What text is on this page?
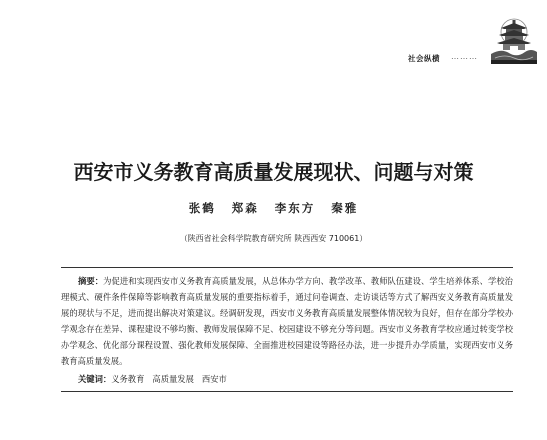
社会纵横 ………
西安市义务教育高质量发展现状、问题与对策
张鹤 郑森 李东方 秦雅
（陕西省社会科学院教育研究所 陕西西安 710061）
摘要：为促进和实现西安市义务教育高质量发展，从总体办学方向、教学改革、教师队伍建设、学生培养体系、学校治理模式、硬件条件保障等影响教育高质量发展的重要指标着手，通过问卷调查、走访谈话等方式了解西安义务教育高质量发展的现状与不足，进而提出解决对策建议。经调研发现，西安市义务教育高质量发展整体情况较为良好，但存在部分学校办学观念存在差异、课程建设不够均衡、教师发展保障不足、校园建设不够充分等问题。西安市义务教育学校应通过转变学校办学观念、优化部分课程设置、强化教师发展保障、全面推进校园建设等路径办法，进一步提升办学质量，实现西安市义务教育高质量发展。
关键词：义务教育 高质量发展 西安市
